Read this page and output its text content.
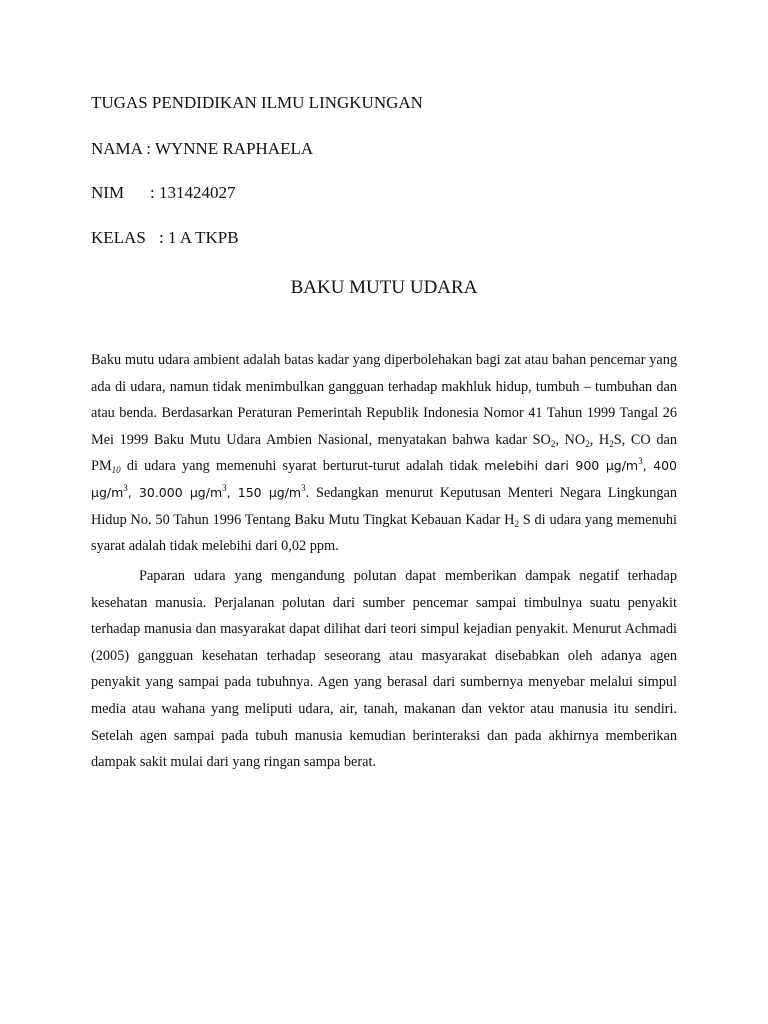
TUGAS PENDIDIKAN ILMU LINGKUNGAN

NAMA : WYNNE RAPHAELA

NIM : 131424027

KELAS : 1 A TKPB

BAKU MUTU UDARA

Baku mutu udara ambient adalah batas kadar yang diperbolehakan bagi zat atau bahan pencemar yang ada di udara, namun tidak menimbulkan gangguan terhadap makhluk hidup, tumbuh – tumbuhan dan atau benda. Berdasarkan Peraturan Pemerintah Republik Indonesia Nomor 41 Tahun 1999 Tangal 26 Mei 1999 Baku Mutu Udara Ambien Nasional, menyatakan bahwa kadar $SO_2$, $NO_2$, $H_2S$, CO dan $PM_{10}$ di udara yang memenuhi syarat berturut-turut adalah tidak melebihi dari 900 $\mu g/m^3$, 400 $\mu g/m^3$, 30.000 $\mu g/m^3$, 150 $\mu g/m^3$. Sedangkan menurut Keputusan Menteri Negara Lingkungan Hidup No. 50 Tahun 1996 Tentang Baku Mutu Tingkat Kebauan Kadar $H_2$ S di udara yang memenuhi syarat adalah tidak melebihi dari 0,02 ppm.

Paparan udara yang mengandung polutan dapat memberikan dampak negatif terhadap kesehatan manusia. Perjalanan polutan dari sumber pencemar sampai timbulnya suatu penyakit terhadap manusia dan masyarakat dapat dilihat dari teori simpul kejadian penyakit. Menurut Achmadi (2005) gangguan kesehatan terhadap seseorang atau masyarakat disebabkan oleh adanya agen penyakit yang sampai pada tubuhnya. Agen yang berasal dari sumbernya menyebar melalui simpul media atau wahana yang meliputi udara, air, tanah, makanan dan vektor atau manusia itu sendiri. Setelah agen sampai pada tubuh manusia kemudian berinteraksi dan pada akhirnya memberikan dampak sakit mulai dari yang ringan sampa berat.
